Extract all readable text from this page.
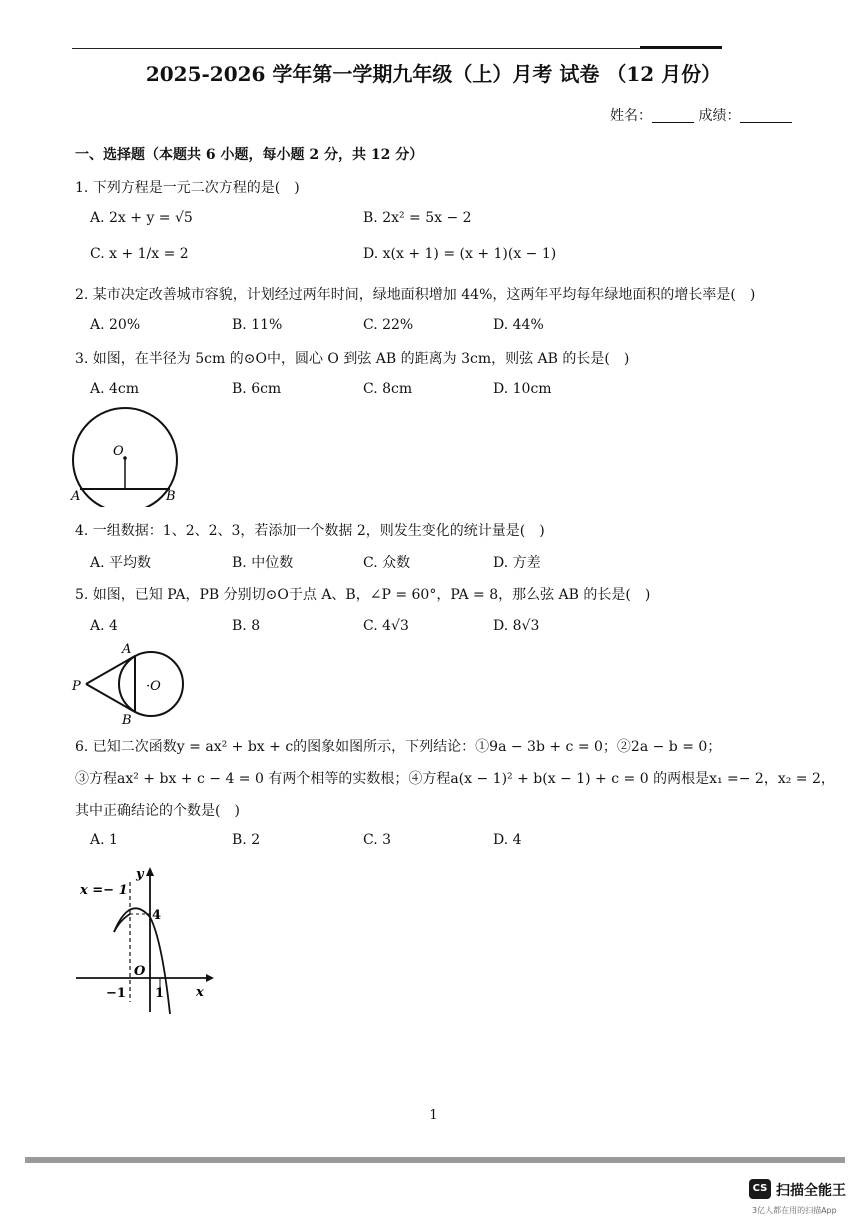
2025-2026 学年第一学期九年级（上）月考 试卷 （12 月份）
姓名：	成绩：
一、选择题（本题共 6 小题，每小题 2 分，共 12 分）
1. 下列方程是一元二次方程的是(　)
A. 2x + y = √5	B. 2x² = 5x − 2
C. x + 1/x = 2	D. x(x + 1) = (x + 1)(x − 1)
2. 某市决定改善城市容貌，计划经过两年时间，绿地面积增加 44%，这两年平均每年绿地面积的增长率是(　)
A. 20%	B. 11%	C. 22%	D. 44%
3. 如图，在半径为 5cm 的⊙O中，圆心 O 到弦 AB 的距离为 3cm，则弦 AB 的长是(　)
A. 4cm	B. 6cm	C. 8cm	D. 10cm
O
A	B
4. 一组数据：1、2、2、3，若添加一个数据 2，则发生变化的统计量是(　)
A. 平均数	B. 中位数	C. 众数	D. 方差
5. 如图，已知 PA，PB 分别切⊙O于点 A、B，∠P = 60°，PA = 8，那么弦 AB 的长是(　)
A. 4	B. 8	C. 4√3	D. 8√3
P
A
B
·O
6. 已知二次函数y = ax² + bx + c的图象如图所示，下列结论：①9a − 3b + c = 0；②2a − b = 0；
③方程ax² + bx + c − 4 = 0 有两个相等的实数根；④方程a(x − 1)² + b(x − 1) + c = 0 的两根是x₁ =− 2，x₂ = 2，
其中正确结论的个数是(　)
A. 1	B. 2	C. 3	D. 4
x =− 1
y
x
4
O
−1 1
1
CS 扫描全能王
3亿人都在用的扫描App
